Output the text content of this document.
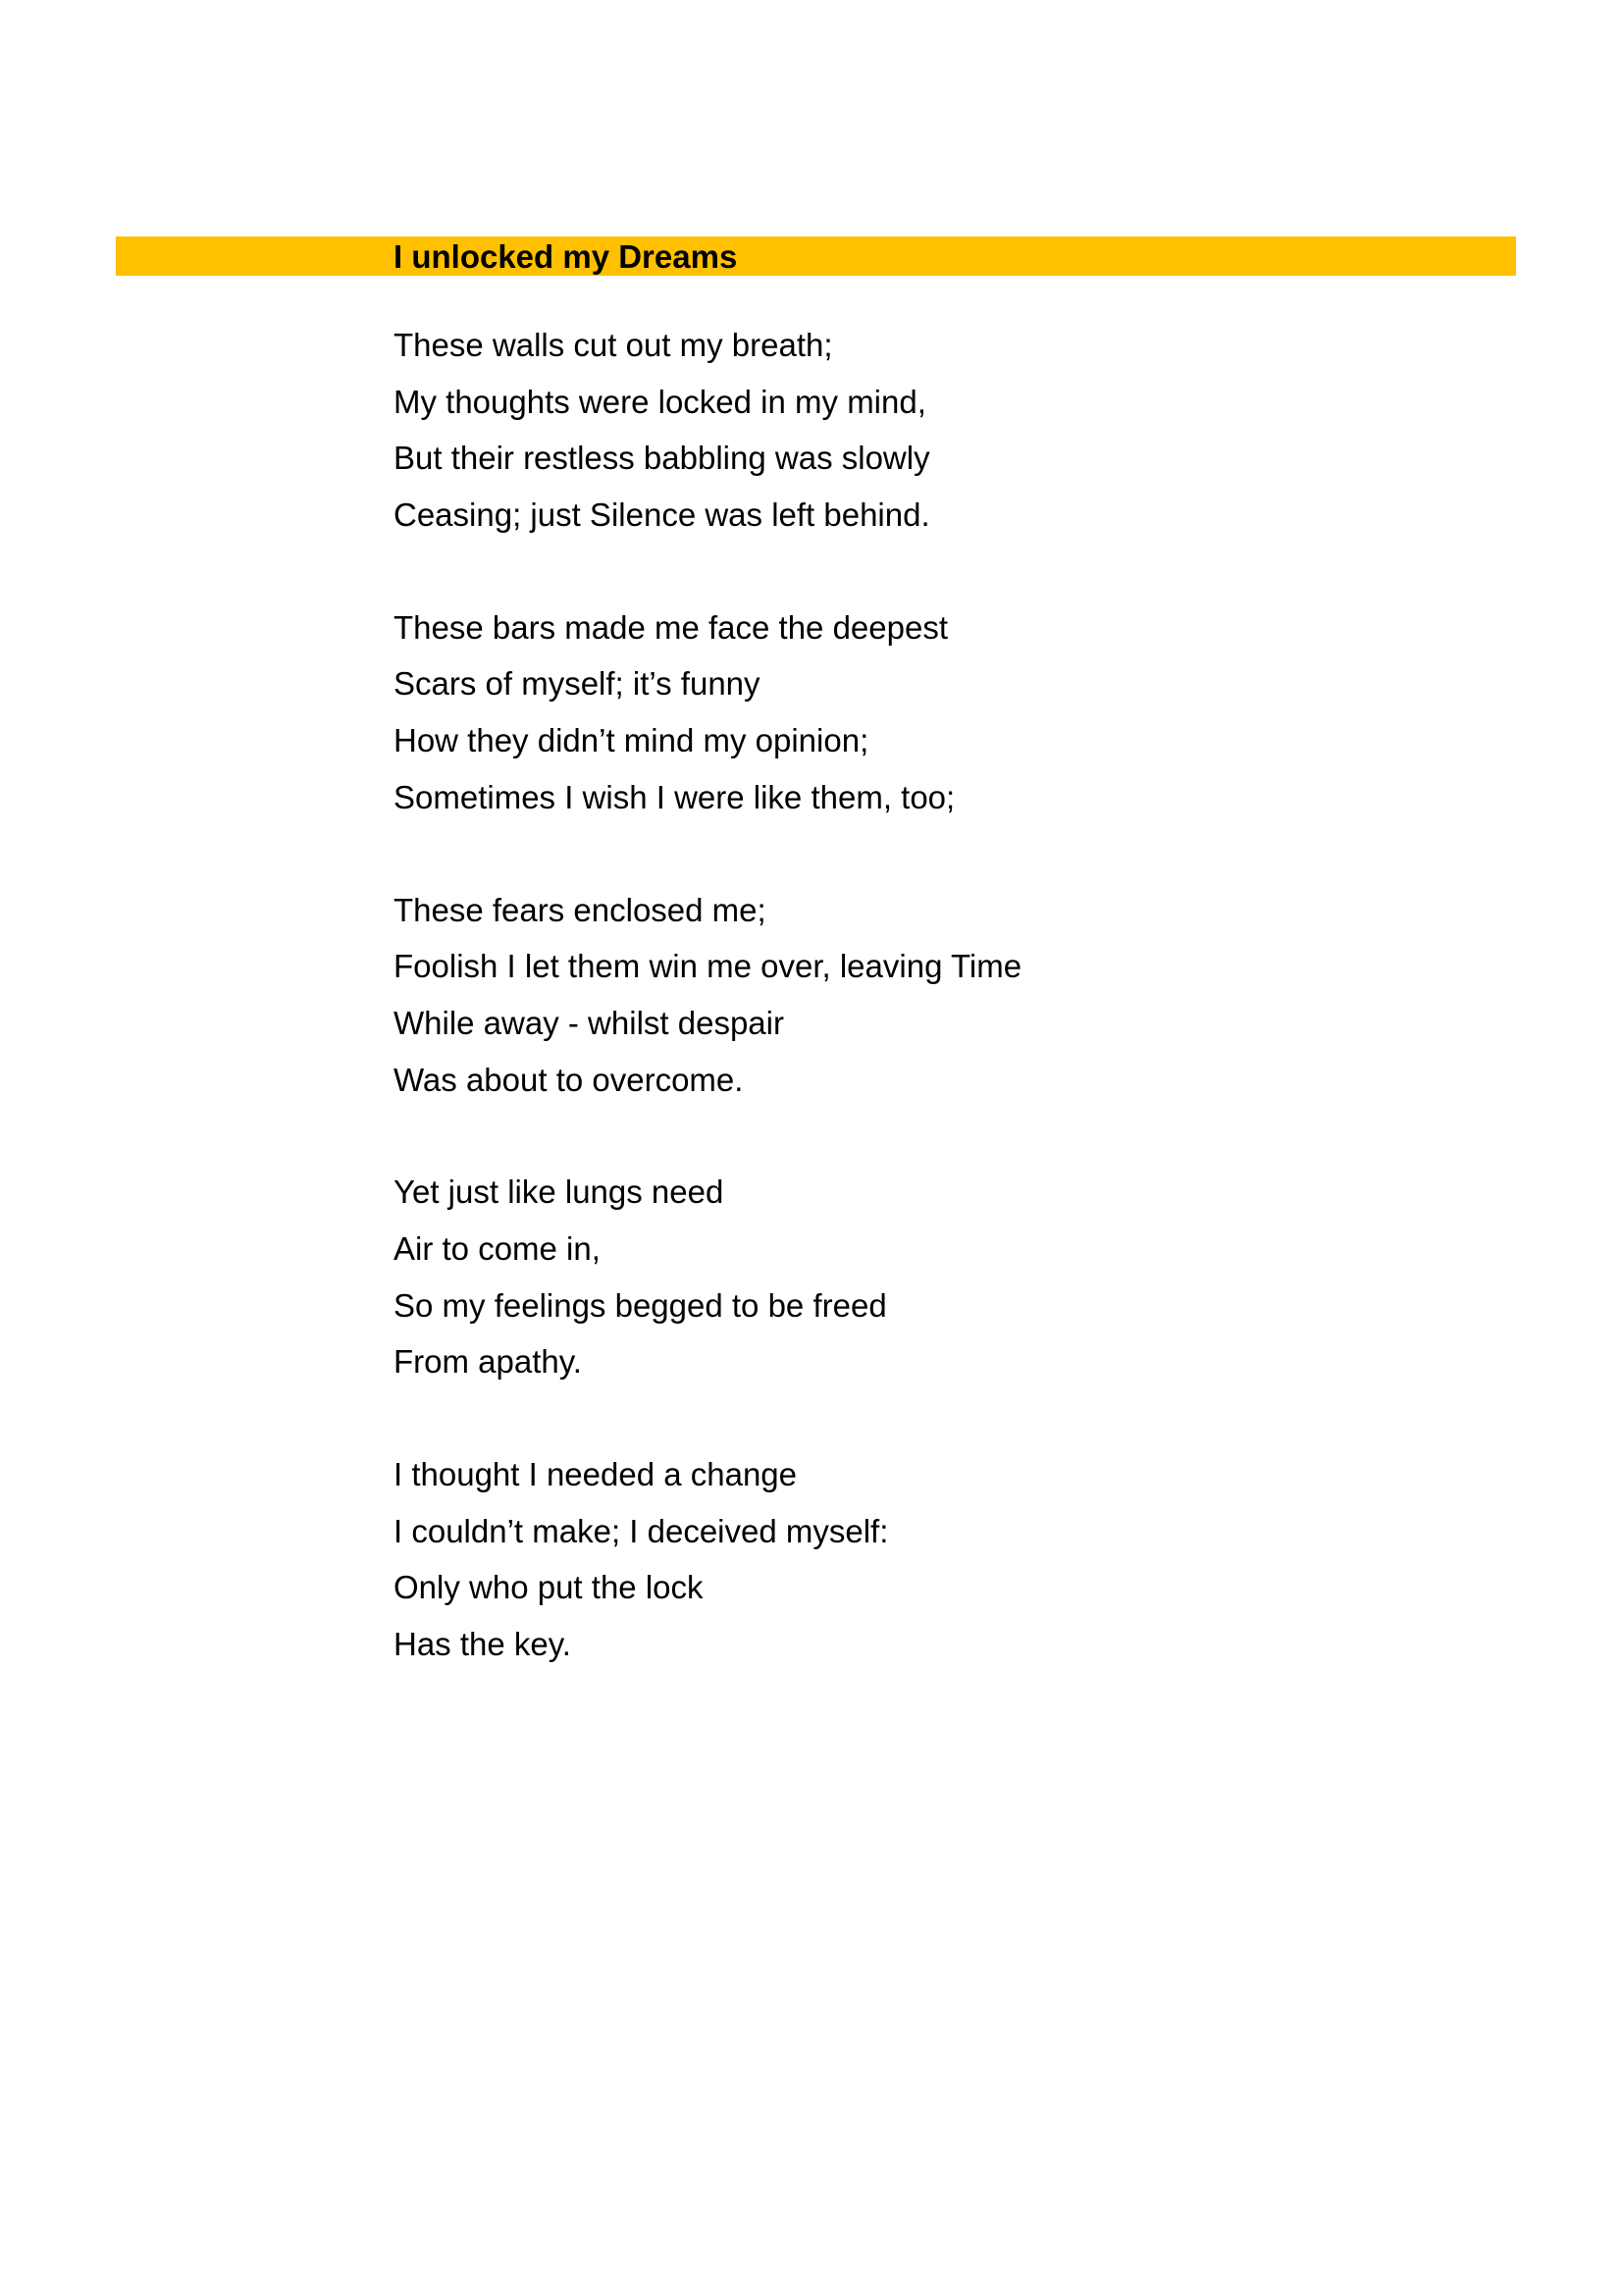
I unlocked my Dreams
These walls cut out my breath;
My thoughts were locked in my mind,
But their restless babbling was slowly
Ceasing; just Silence was left behind.
These bars made me face the deepest
Scars of myself; it’s funny
How they didn’t mind my opinion;
Sometimes I wish I were like them, too;
These fears enclosed me;
Foolish I let them win me over, leaving Time
While away - whilst despair
Was about to overcome.
Yet just like lungs need
Air to come in,
So my feelings begged to be freed
From apathy.
I thought I needed a change
I couldn’t make; I deceived myself:
Only who put the lock
Has the key.
